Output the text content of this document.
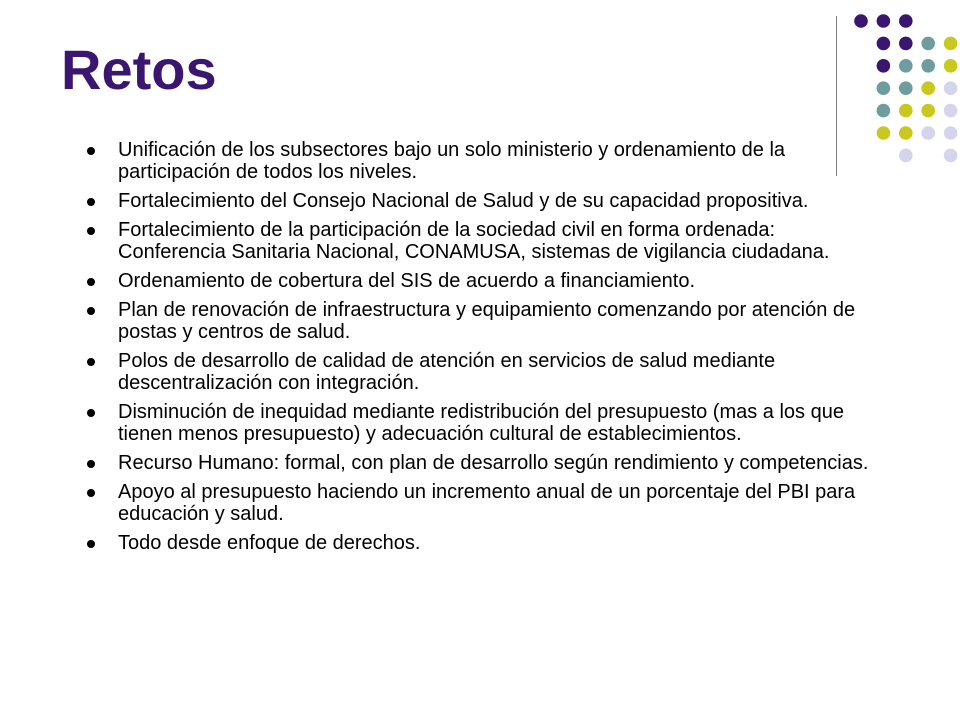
Retos
Unificación de los subsectores bajo un solo ministerio y ordenamiento de la participación de todos los niveles.
Fortalecimiento del Consejo Nacional de Salud y de su capacidad propositiva.
Fortalecimiento de la participación de la sociedad civil en forma ordenada: Conferencia Sanitaria Nacional, CONAMUSA, sistemas de vigilancia ciudadana.
Ordenamiento de cobertura del SIS de acuerdo a financiamiento.
Plan de renovación de infraestructura y equipamiento comenzando por atención de postas y centros de salud.
Polos de desarrollo de calidad de atención en servicios de salud mediante descentralización con integración.
Disminución de inequidad mediante redistribución del presupuesto (mas a los que tienen menos presupuesto) y adecuación cultural de establecimientos.
Recurso Humano: formal, con plan de desarrollo según rendimiento y competencias.
Apoyo al presupuesto haciendo un incremento anual de un porcentaje del PBI para educación y salud.
Todo desde enfoque de derechos.
